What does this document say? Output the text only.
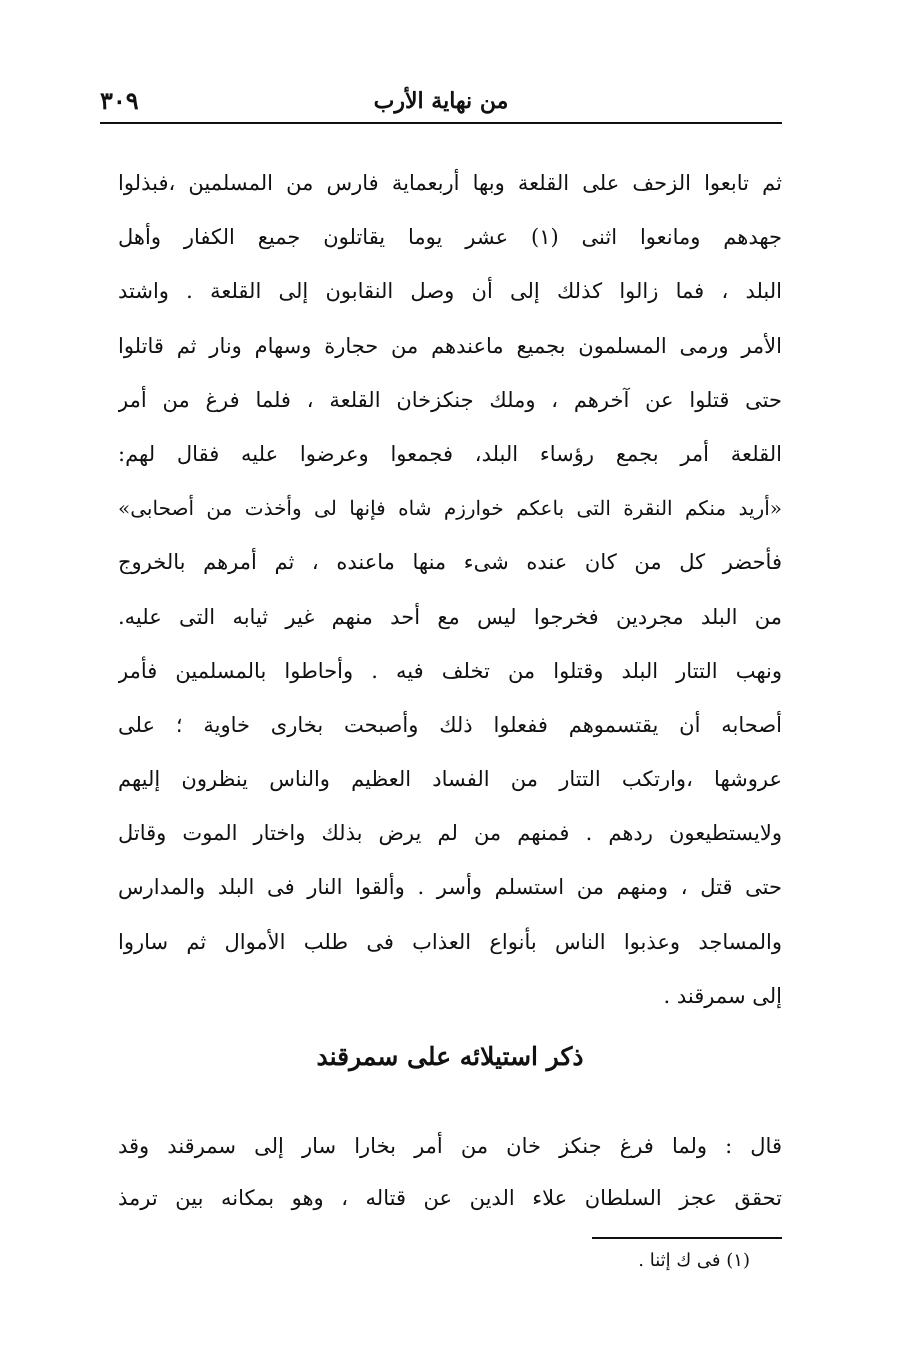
من نهاية الأرب
٣٠٩
ثم تابعوا الزحف على القلعة وبها أربعماية فارس من المسلمين ،فبذلوا
جهدهم ومانعوا اثنى (١) عشر يوما يقاتلون جميع الكفار وأهل
البلد ، فما زالوا كذلك إلى أن وصل النقابون إلى القلعة . واشتد
الأمر ورمى المسلمون بجميع ماعندهم من حجارة وسهام ونار ثم قاتلوا
حتى قتلوا عن آخرهم ، وملك جنكزخان القلعة ، فلما فرغ من أمر
القلعة أمر بجمع رؤساء البلد، فجمعوا وعرضوا عليه فقال لهم:
«أريد منكم النقرة التى باعكم خوارزم شاه فإنها لى وأخذت من أصحابى»
فأحضر كل من كان عنده شىء منها ماعنده ، ثم أمرهم بالخروج
من البلد مجردين فخرجوا ليس مع أحد منهم غير ثيابه التى عليه.
ونهب التتار البلد وقتلوا من تخلف فيه . وأحاطوا بالمسلمين فأمر
أصحابه أن يقتسموهم ففعلوا ذلك وأصبحت بخارى خاوية ؛ على
عروشها ،وارتكب التتار من الفساد العظيم والناس ينظرون إليهم
ولايستطيعون ردهم . فمنهم من لم يرض بذلك واختار الموت وقاتل
حتى قتل ، ومنهم من استسلم وأسر . وألقوا النار فى البلد والمدارس
والمساجد وعذبوا الناس بأنواع العذاب فى طلب الأموال ثم ساروا
إلى سمرقند .
ذكر استيلائه على سمرقند
قال : ولما فرغ جنكز خان من أمر بخارا سار إلى سمرقند وقد
تحقق عجز السلطان علاء الدين عن قتاله ، وهو بمكانه بين ترمذ
(١) فى ك إثنا .
